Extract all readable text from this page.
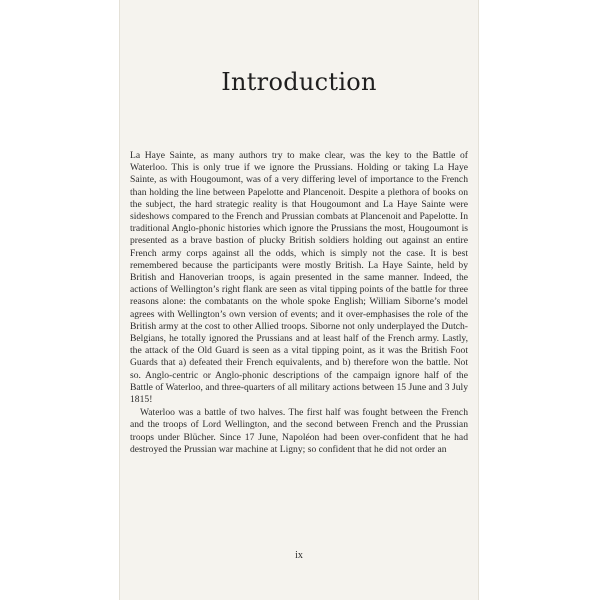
Introduction

La Haye Sainte, as many authors try to make clear, was the key to the Battle of Waterloo. This is only true if we ignore the Prussians. Holding or taking La Haye Sainte, as with Hougoumont, was of a very differing level of importance to the French than holding the line between Papelotte and Plancenoit. Despite a plethora of books on the subject, the hard strategic reality is that Hougoumont and La Haye Sainte were sideshows compared to the French and Prussian combats at Plancenoit and Papelotte. In traditional Anglo-phonic histories which ignore the Prussians the most, Hougoumont is presented as a brave bastion of plucky British soldiers holding out against an entire French army corps against all the odds, which is simply not the case. It is best remembered because the participants were mostly British. La Haye Sainte, held by British and Hanoverian troops, is again presented in the same manner. Indeed, the actions of Wellington’s right flank are seen as vital tipping points of the battle for three reasons alone: the combatants on the whole spoke English; William Siborne’s model agrees with Wellington’s own version of events; and it over-emphasises the role of the British army at the cost to other Allied troops. Siborne not only underplayed the Dutch-Belgians, he totally ignored the Prussians and at least half of the French army. Lastly, the attack of the Old Guard is seen as a vital tipping point, as it was the British Foot Guards that a) defeated their French equivalents, and b) therefore won the battle. Not so. Anglo-centric or Anglo-phonic descriptions of the campaign ignore half of the Battle of Waterloo, and three-quarters of all military actions between 15 June and 3 July 1815!

Waterloo was a battle of two halves. The first half was fought between the French and the troops of Lord Wellington, and the second between French and the Prussian troops under Blücher. Since 17 June, Napoléon had been over-confident that he had destroyed the Prussian war machine at Ligny; so confident that he did not order an

ix
